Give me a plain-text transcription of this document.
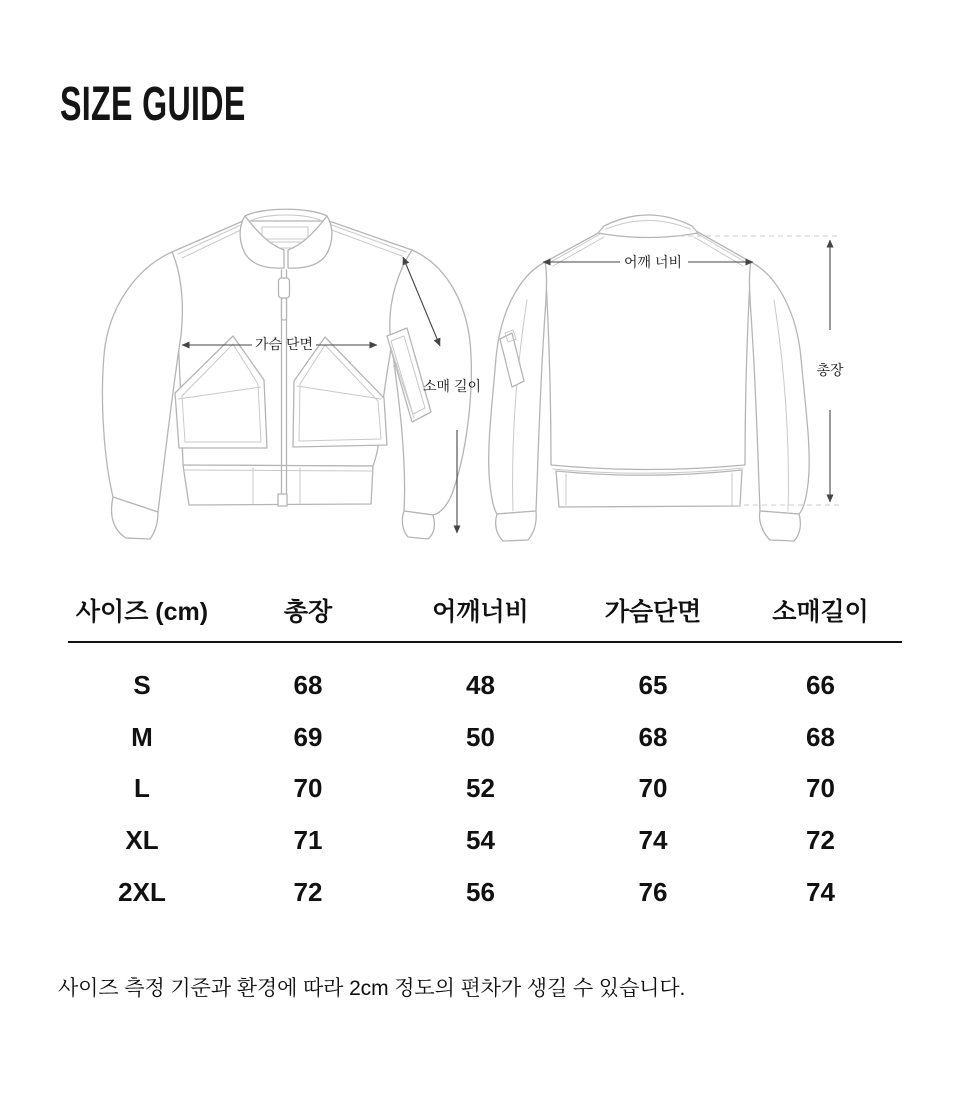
SIZE GUIDE
가슴 단면
소매 길이
어깨 너비
총장
사이즈 (cm)	총장	어깨너비	가슴단면	소매길이
S	68	48	65	66
M	69	50	68	68
L	70	52	70	70
XL	71	54	74	72
2XL	72	56	76	74

사이즈 측정 기준과 환경에 따라 2cm 정도의 편차가 생길 수 있습니다.
